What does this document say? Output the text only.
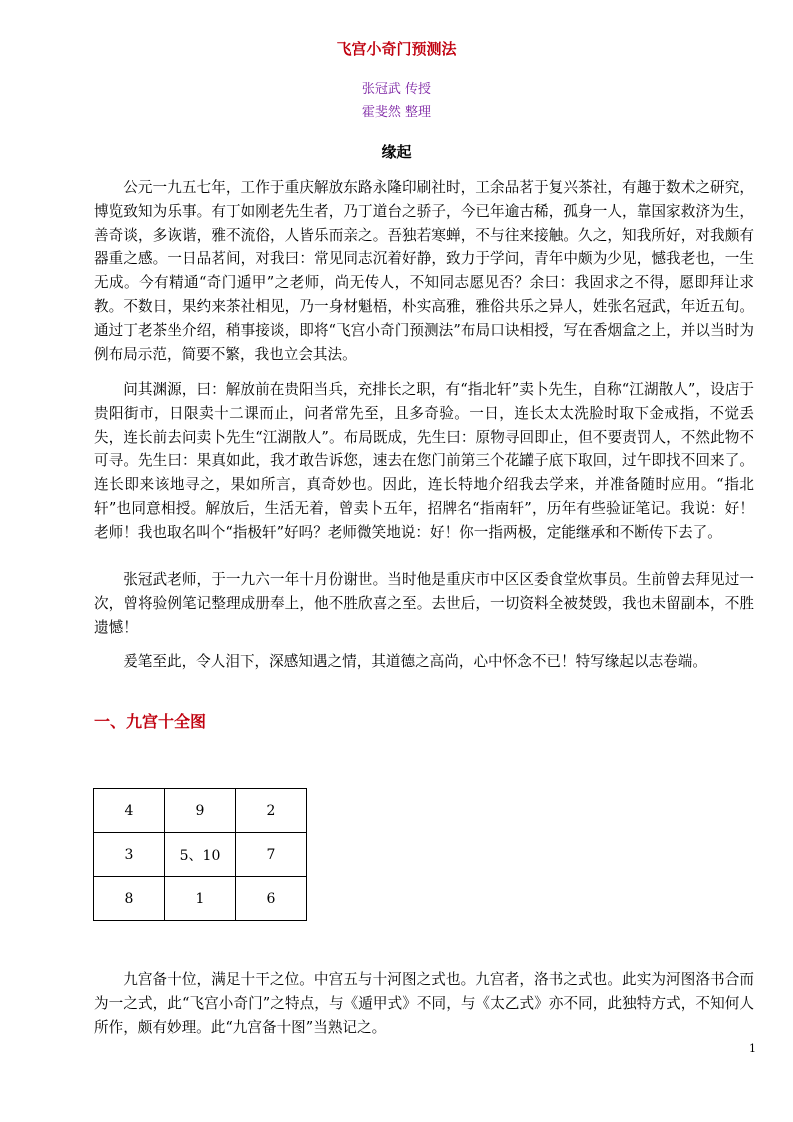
飞宫小奇门预测法
张冠武 传授
霍斐然 整理
缘起

公元一九五七年，工作于重庆解放东路永隆印刷社时，工余品茗于复兴茶社，有趣于数术之研究，博览致知为乐事。有丁如刚老先生者，乃丁道台之骄子，今已年逾古稀，孤身一人，靠国家救济为生，善奇谈，多诙谐，雅不流俗，人皆乐而亲之。吾独若寒蝉，不与往来接触。久之，知我所好，对我颇有器重之感。一日品茗间，对我曰：常见同志沉着好静，致力于学问，青年中颇为少见，憾我老也，一生无成。今有精通“奇门遁甲”之老师，尚无传人，不知同志愿见否？余曰：我固求之不得，愿即拜让求教。不数日，果约来茶社相见，乃一身材魁梧，朴实高雅，雅俗共乐之异人，姓张名冠武，年近五旬。通过丁老茶坐介绍，稍事接谈，即将“飞宫小奇门预测法”布局口诀相授，写在香烟盒之上，并以当时为例布局示范，简要不繁，我也立会其法。

问其渊源，曰：解放前在贵阳当兵，充排长之职，有“指北轩”卖卜先生，自称“江湖散人”，设店于贵阳街市，日限卖十二课而止，问者常先至，且多奇验。一日，连长太太洗脸时取下金戒指，不觉丢失，连长前去问卖卜先生“江湖散人”。布局既成，先生曰：原物寻回即止，但不要责罚人，不然此物不可寻。先生曰：果真如此，我才敢告诉您，速去在您门前第三个花罐子底下取回，过午即找不回来了。连长即来该地寻之，果如所言，真奇妙也。因此，连长特地介绍我去学来，并准备随时应用。“指北轩”也同意相授。解放后，生活无着，曾卖卜五年，招牌名“指南轩”，历年有些验证笔记。我说：好！老师！我也取名叫个“指极轩”好吗？老师微笑地说：好！你一指两极，定能继承和不断传下去了。

张冠武老师，于一九六一年十月份谢世。当时他是重庆市中区区委食堂炊事员。生前曾去拜见过一次，曾将验例笔记整理成册奉上，他不胜欣喜之至。去世后，一切资料全被焚毁，我也未留副本，不胜遗憾！

爰笔至此，令人泪下，深感知遇之情，其道德之高尚，心中怀念不已！特写缘起以志卷端。

一、九宫十全图
4	9	2
3	5、10	7
8	1	6

九宫备十位，满足十干之位。中宫五与十河图之式也。九宫者，洛书之式也。此实为河图洛书合而为一之式，此“飞宫小奇门”之特点，与《遁甲式》不同，与《太乙式》亦不同，此独特方式，不知何人所作，颇有妙理。此“九宫备十图”当熟记之。

1
